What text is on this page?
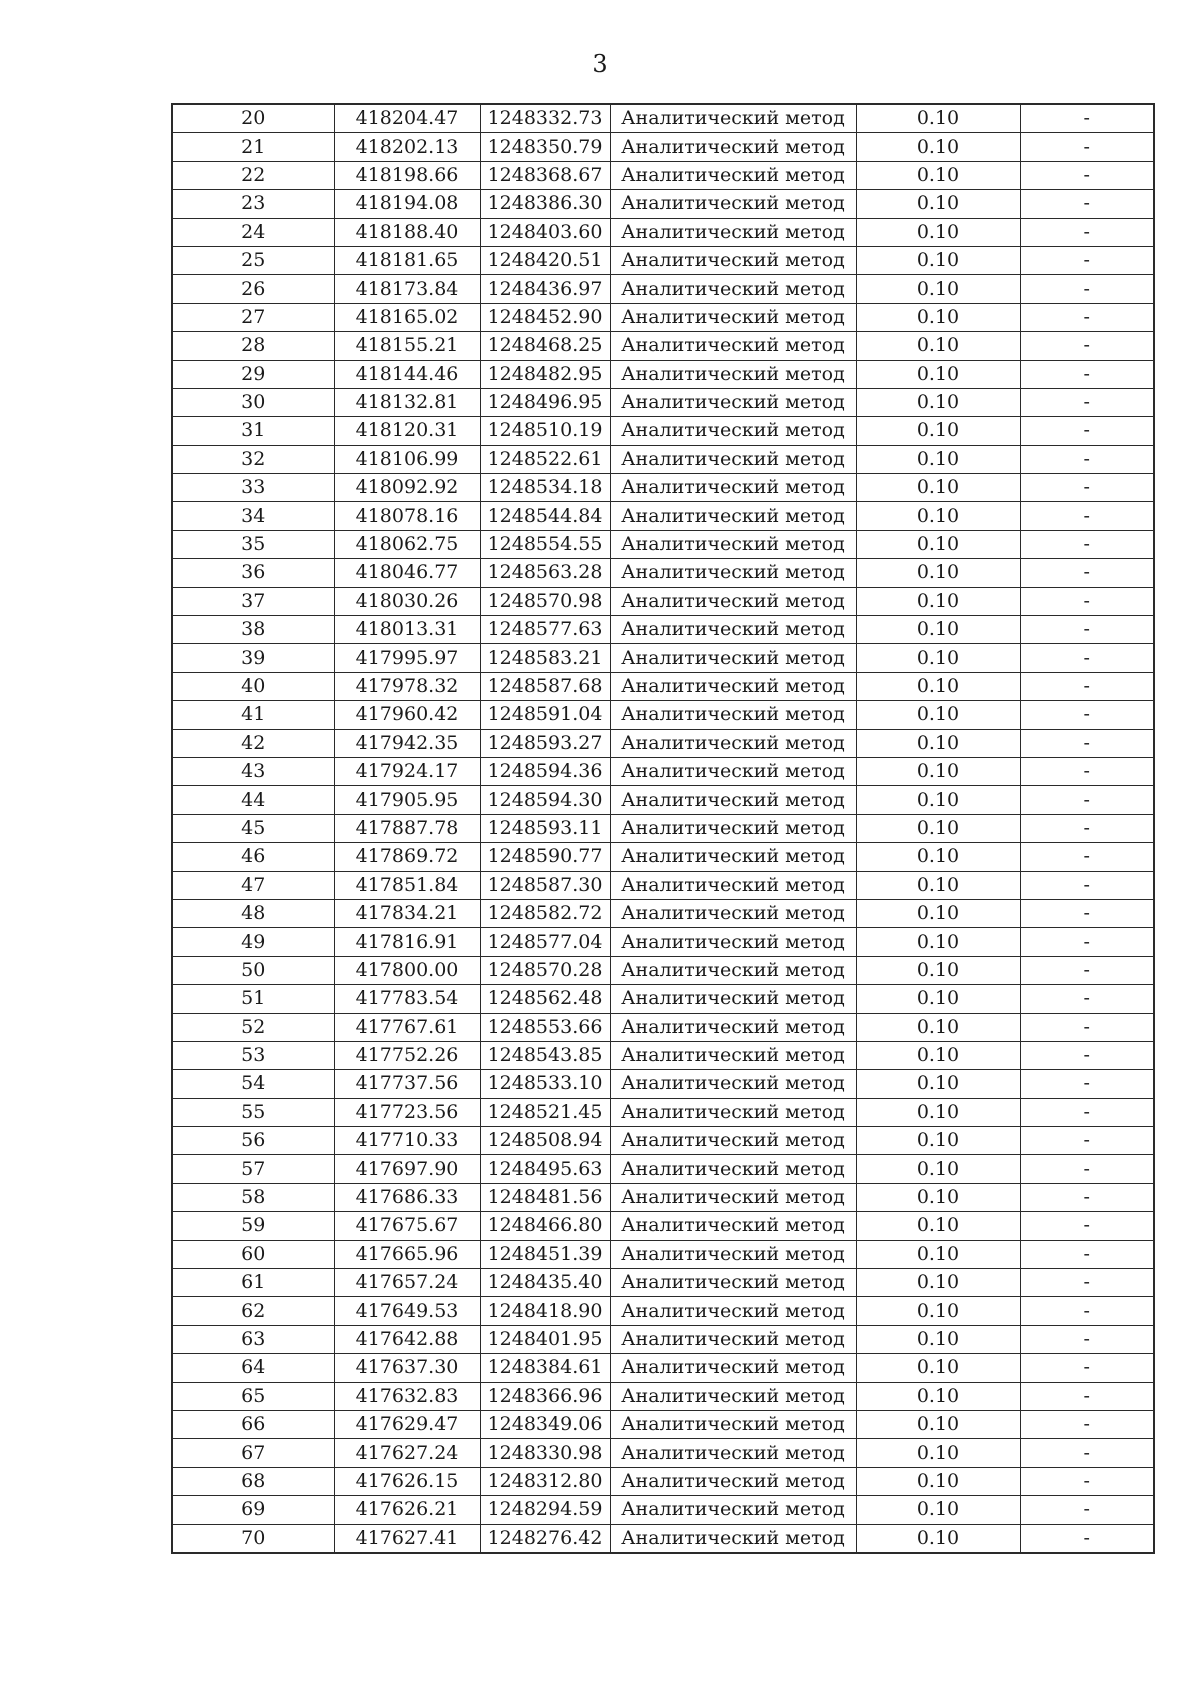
3
20	418204.47	1248332.73	Аналитический метод	0.10	-
21	418202.13	1248350.79	Аналитический метод	0.10	-
22	418198.66	1248368.67	Аналитический метод	0.10	-
23	418194.08	1248386.30	Аналитический метод	0.10	-
24	418188.40	1248403.60	Аналитический метод	0.10	-
25	418181.65	1248420.51	Аналитический метод	0.10	-
26	418173.84	1248436.97	Аналитический метод	0.10	-
27	418165.02	1248452.90	Аналитический метод	0.10	-
28	418155.21	1248468.25	Аналитический метод	0.10	-
29	418144.46	1248482.95	Аналитический метод	0.10	-
30	418132.81	1248496.95	Аналитический метод	0.10	-
31	418120.31	1248510.19	Аналитический метод	0.10	-
32	418106.99	1248522.61	Аналитический метод	0.10	-
33	418092.92	1248534.18	Аналитический метод	0.10	-
34	418078.16	1248544.84	Аналитический метод	0.10	-
35	418062.75	1248554.55	Аналитический метод	0.10	-
36	418046.77	1248563.28	Аналитический метод	0.10	-
37	418030.26	1248570.98	Аналитический метод	0.10	-
38	418013.31	1248577.63	Аналитический метод	0.10	-
39	417995.97	1248583.21	Аналитический метод	0.10	-
40	417978.32	1248587.68	Аналитический метод	0.10	-
41	417960.42	1248591.04	Аналитический метод	0.10	-
42	417942.35	1248593.27	Аналитический метод	0.10	-
43	417924.17	1248594.36	Аналитический метод	0.10	-
44	417905.95	1248594.30	Аналитический метод	0.10	-
45	417887.78	1248593.11	Аналитический метод	0.10	-
46	417869.72	1248590.77	Аналитический метод	0.10	-
47	417851.84	1248587.30	Аналитический метод	0.10	-
48	417834.21	1248582.72	Аналитический метод	0.10	-
49	417816.91	1248577.04	Аналитический метод	0.10	-
50	417800.00	1248570.28	Аналитический метод	0.10	-
51	417783.54	1248562.48	Аналитический метод	0.10	-
52	417767.61	1248553.66	Аналитический метод	0.10	-
53	417752.26	1248543.85	Аналитический метод	0.10	-
54	417737.56	1248533.10	Аналитический метод	0.10	-
55	417723.56	1248521.45	Аналитический метод	0.10	-
56	417710.33	1248508.94	Аналитический метод	0.10	-
57	417697.90	1248495.63	Аналитический метод	0.10	-
58	417686.33	1248481.56	Аналитический метод	0.10	-
59	417675.67	1248466.80	Аналитический метод	0.10	-
60	417665.96	1248451.39	Аналитический метод	0.10	-
61	417657.24	1248435.40	Аналитический метод	0.10	-
62	417649.53	1248418.90	Аналитический метод	0.10	-
63	417642.88	1248401.95	Аналитический метод	0.10	-
64	417637.30	1248384.61	Аналитический метод	0.10	-
65	417632.83	1248366.96	Аналитический метод	0.10	-
66	417629.47	1248349.06	Аналитический метод	0.10	-
67	417627.24	1248330.98	Аналитический метод	0.10	-
68	417626.15	1248312.80	Аналитический метод	0.10	-
69	417626.21	1248294.59	Аналитический метод	0.10	-
70	417627.41	1248276.42	Аналитический метод	0.10	-
